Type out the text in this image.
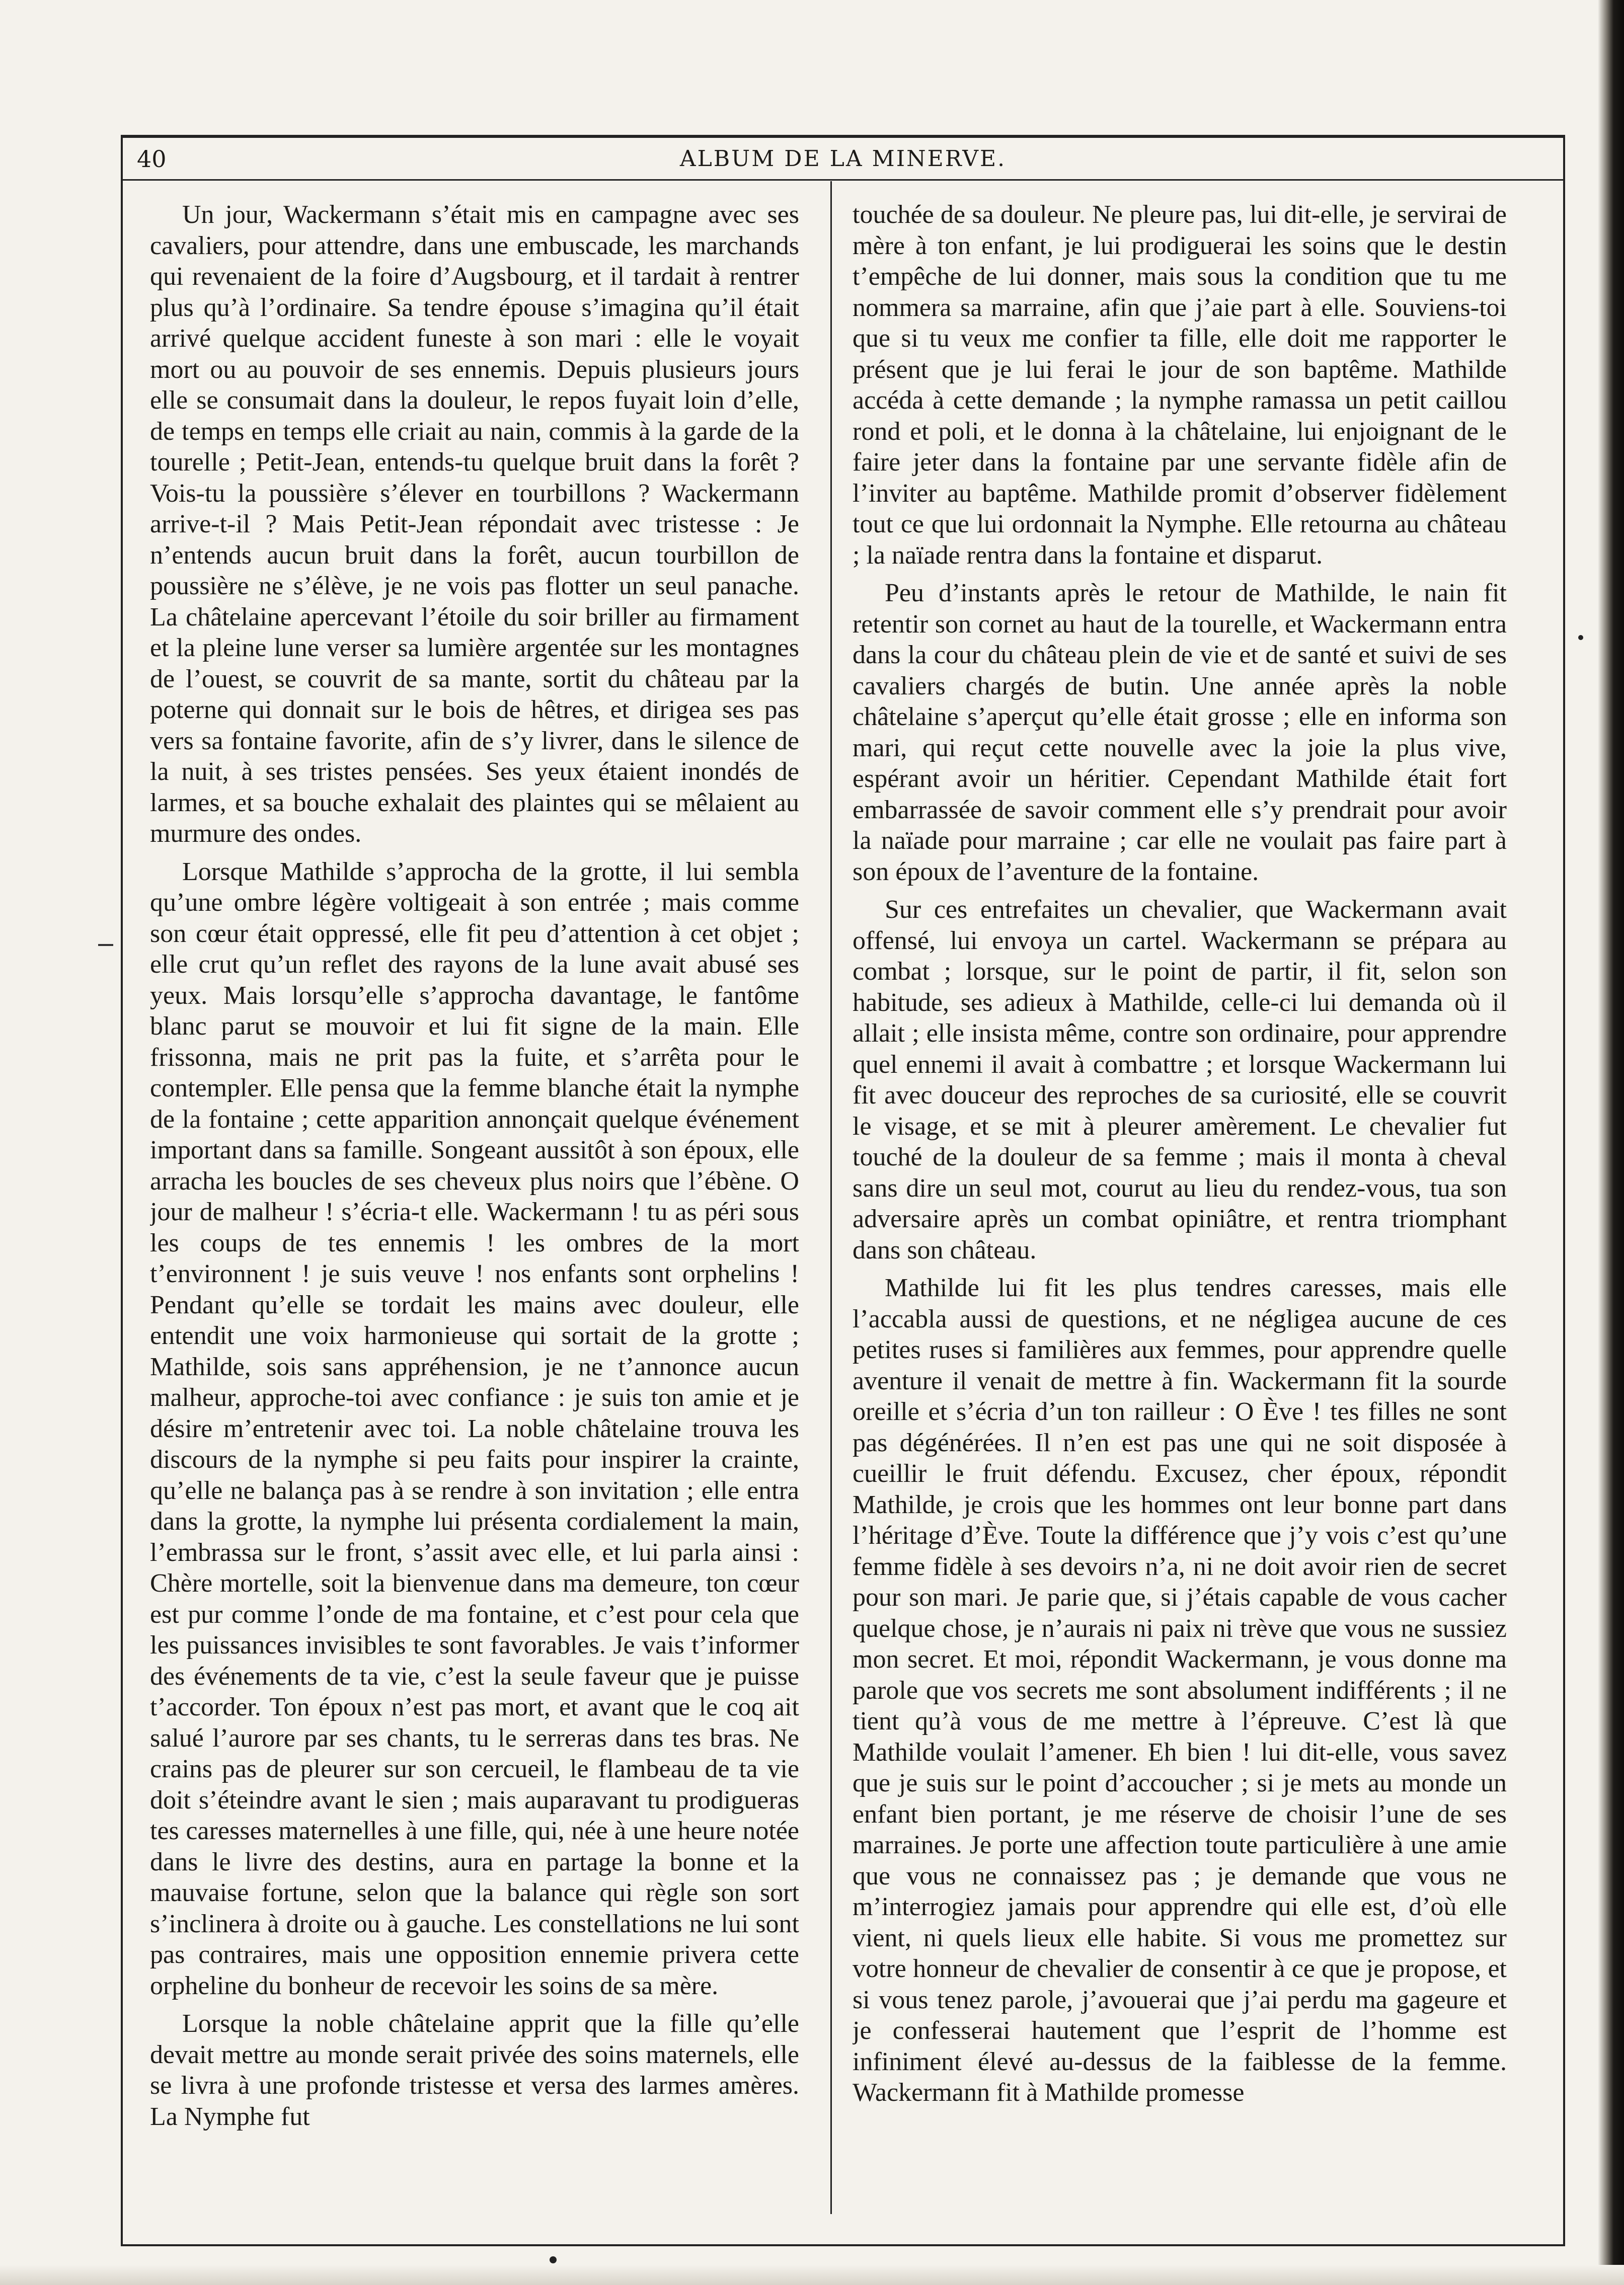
40	ALBUM DE LA MINERVE.

Un jour, Wackermann s’était mis en campagne avec ses cavaliers, pour attendre, dans une embuscade, les marchands qui revenaient de la foire d’Augsbourg, et il tardait à rentrer plus qu’à l’ordinaire. Sa tendre épouse s’imagina qu’il était arrivé quelque accident funeste à son mari : elle le voyait mort ou au pouvoir de ses ennemis. Depuis plusieurs jours elle se consumait dans la douleur, le repos fuyait loin d’elle, de temps en temps elle criait au nain, commis à la garde de la tourelle ; Petit-Jean, entends-tu quelque bruit dans la forêt ? Vois-tu la poussière s’élever en tourbillons ? Wackermann arrive-t-il ? Mais Petit-Jean répondait avec tristesse : Je n’entends aucun bruit dans la forêt, aucun tourbillon de poussière ne s’élève, je ne vois pas flotter un seul panache. La châtelaine apercevant l’étoile du soir briller au firmament et la pleine lune verser sa lumière argentée sur les montagnes de l’ouest, se couvrit de sa mante, sortit du château par la poterne qui donnait sur le bois de hêtres, et dirigea ses pas vers sa fontaine favorite, afin de s’y livrer, dans le silence de la nuit, à ses tristes pensées. Ses yeux étaient inondés de larmes, et sa bouche exhalait des plaintes qui se mêlaient au murmure des ondes.

Lorsque Mathilde s’approcha de la grotte, il lui sembla qu’une ombre légère voltigeait à son entrée ; mais comme son cœur était oppressé, elle fit peu d’attention à cet objet ; elle crut qu’un reflet des rayons de la lune avait abusé ses yeux. Mais lorsqu’elle s’approcha davantage, le fantôme blanc parut se mouvoir et lui fit signe de la main. Elle frissonna, mais ne prit pas la fuite, et s’arrêta pour le contempler. Elle pensa que la femme blanche était la nymphe de la fontaine ; cette apparition annonçait quelque événement important dans sa famille. Songeant aussitôt à son époux, elle arracha les boucles de ses cheveux plus noirs que l’ébène. O jour de malheur ! s’écria-t elle. Wackermann ! tu as péri sous les coups de tes ennemis ! les ombres de la mort t’environnent ! je suis veuve ! nos enfants sont orphelins ! Pendant qu’elle se tordait les mains avec douleur, elle entendit une voix harmonieuse qui sortait de la grotte ; Mathilde, sois sans appréhension, je ne t’annonce aucun malheur, approche-toi avec confiance : je suis ton amie et je désire m’entretenir avec toi. La noble châtelaine trouva les discours de la nymphe si peu faits pour inspirer la crainte, qu’elle ne balança pas à se rendre à son invitation ; elle entra dans la grotte, la nymphe lui présenta cordialement la main, l’embrassa sur le front, s’assit avec elle, et lui parla ainsi : Chère mortelle, soit la bienvenue dans ma demeure, ton cœur est pur comme l’onde de ma fontaine, et c’est pour cela que les puissances invisibles te sont favorables. Je vais t’informer des événements de ta vie, c’est la seule faveur que je puisse t’accorder. Ton époux n’est pas mort, et avant que le coq ait salué l’aurore par ses chants, tu le serreras dans tes bras. Ne crains pas de pleurer sur son cercueil, le flambeau de ta vie doit s’éteindre avant le sien ; mais auparavant tu prodigueras tes caresses maternelles à une fille, qui, née à une heure notée dans le livre des destins, aura en partage la bonne et la mauvaise fortune, selon que la balance qui règle son sort s’inclinera à droite ou à gauche. Les constellations ne lui sont pas contraires, mais une opposition ennemie privera cette orpheline du bonheur de recevoir les soins de sa mère.

Lorsque la noble châtelaine apprit que la fille qu’elle devait mettre au monde serait privée des soins maternels, elle se livra à une profonde tristesse et versa des larmes amères. La Nymphe fut

touchée de sa douleur. Ne pleure pas, lui dit-elle, je servirai de mère à ton enfant, je lui prodiguerai les soins que le destin t’empêche de lui donner, mais sous la condition que tu me nommera sa marraine, afin que j’aie part à elle. Souviens-toi que si tu veux me confier ta fille, elle doit me rapporter le présent que je lui ferai le jour de son baptême. Mathilde accéda à cette demande ; la nymphe ramassa un petit caillou rond et poli, et le donna à la châtelaine, lui enjoignant de le faire jeter dans la fontaine par une servante fidèle afin de l’inviter au baptême. Mathilde promit d’observer fidèlement tout ce que lui ordonnait la Nymphe. Elle retourna au château ; la naïade rentra dans la fontaine et disparut.

Peu d’instants après le retour de Mathilde, le nain fit retentir son cornet au haut de la tourelle, et Wackermann entra dans la cour du château plein de vie et de santé et suivi de ses cavaliers chargés de butin. Une année après la noble châtelaine s’aperçut qu’elle était grosse ; elle en informa son mari, qui reçut cette nouvelle avec la joie la plus vive, espérant avoir un héritier. Cependant Mathilde était fort embarrassée de savoir comment elle s’y prendrait pour avoir la naïade pour marraine ; car elle ne voulait pas faire part à son époux de l’aventure de la fontaine.

Sur ces entrefaites un chevalier, que Wackermann avait offensé, lui envoya un cartel. Wackermann se prépara au combat ; lorsque, sur le point de partir, il fit, selon son habitude, ses adieux à Mathilde, celle-ci lui demanda où il allait ; elle insista même, contre son ordinaire, pour apprendre quel ennemi il avait à combattre ; et lorsque Wackermann lui fit avec douceur des reproches de sa curiosité, elle se couvrit le visage, et se mit à pleurer amèrement. Le chevalier fut touché de la douleur de sa femme ; mais il monta à cheval sans dire un seul mot, courut au lieu du rendez-vous, tua son adversaire après un combat opiniâtre, et rentra triomphant dans son château.

Mathilde lui fit les plus tendres caresses, mais elle l’accabla aussi de questions, et ne négligea aucune de ces petites ruses si familières aux femmes, pour apprendre quelle aventure il venait de mettre à fin. Wackermann fit la sourde oreille et s’écria d’un ton railleur : O Ève ! tes filles ne sont pas dégénérées. Il n’en est pas une qui ne soit disposée à cueillir le fruit défendu. Excusez, cher époux, répondit Mathilde, je crois que les hommes ont leur bonne part dans l’héritage d’Ève. Toute la différence que j’y vois c’est qu’une femme fidèle à ses devoirs n’a, ni ne doit avoir rien de secret pour son mari. Je parie que, si j’étais capable de vous cacher quelque chose, je n’aurais ni paix ni trève que vous ne sussiez mon secret. Et moi, répondit Wackermann, je vous donne ma parole que vos secrets me sont absolument indifférents ; il ne tient qu’à vous de me mettre à l’épreuve. C’est là que Mathilde voulait l’amener. Eh bien ! lui dit-elle, vous savez que je suis sur le point d’accoucher ; si je mets au monde un enfant bien portant, je me réserve de choisir l’une de ses marraines. Je porte une affection toute particulière à une amie que vous ne connaissez pas ; je demande que vous ne m’interrogiez jamais pour apprendre qui elle est, d’où elle vient, ni quels lieux elle habite. Si vous me promettez sur votre honneur de chevalier de consentir à ce que je propose, et si vous tenez parole, j’avouerai que j’ai perdu ma gageure et je confesserai hautement que l’esprit de l’homme est infiniment élevé au-dessus de la faiblesse de la femme. Wackermann fit à Mathilde promesse
